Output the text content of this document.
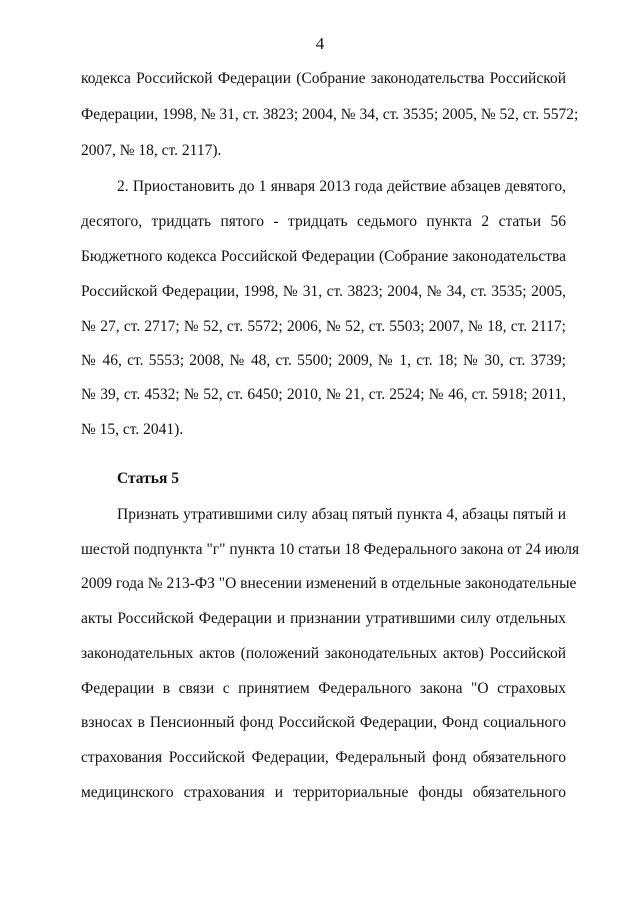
4
кодекса Российской Федерации (Собрание законодательства Российской
Федерации, 1998, № 31, ст. 3823; 2004, № 34, ст. 3535; 2005, № 52, ст. 5572;
2007, № 18, ст. 2117).
2. Приостановить до 1 января 2013 года действие абзацев девятого,
десятого, тридцать пятого - тридцать седьмого пункта 2 статьи 56
Бюджетного кодекса Российской Федерации (Собрание законодательства
Российской Федерации, 1998, № 31, ст. 3823; 2004, № 34, ст. 3535; 2005,
№ 27, ст. 2717; № 52, ст. 5572; 2006, № 52, ст. 5503; 2007, № 18, ст. 2117;
№ 46, ст. 5553; 2008, № 48, ст. 5500; 2009, № 1, ст. 18; № 30, ст. 3739;
№ 39, ст. 4532; № 52, ст. 6450; 2010, № 21, ст. 2524; № 46, ст. 5918; 2011,
№ 15, ст. 2041).
Статья 5
Признать утратившими силу абзац пятый пункта 4, абзацы пятый и
шестой подпункта "г" пункта 10 статьи 18 Федерального закона от 24 июля
2009 года № 213-ФЗ "О внесении изменений в отдельные законодательные
акты Российской Федерации и признании утратившими силу отдельных
законодательных актов (положений законодательных актов) Российской
Федерации в связи с принятием Федерального закона "О страховых
взносах в Пенсионный фонд Российской Федерации, Фонд социального
страхования Российской Федерации, Федеральный фонд обязательного
медицинского страхования и территориальные фонды обязательного
